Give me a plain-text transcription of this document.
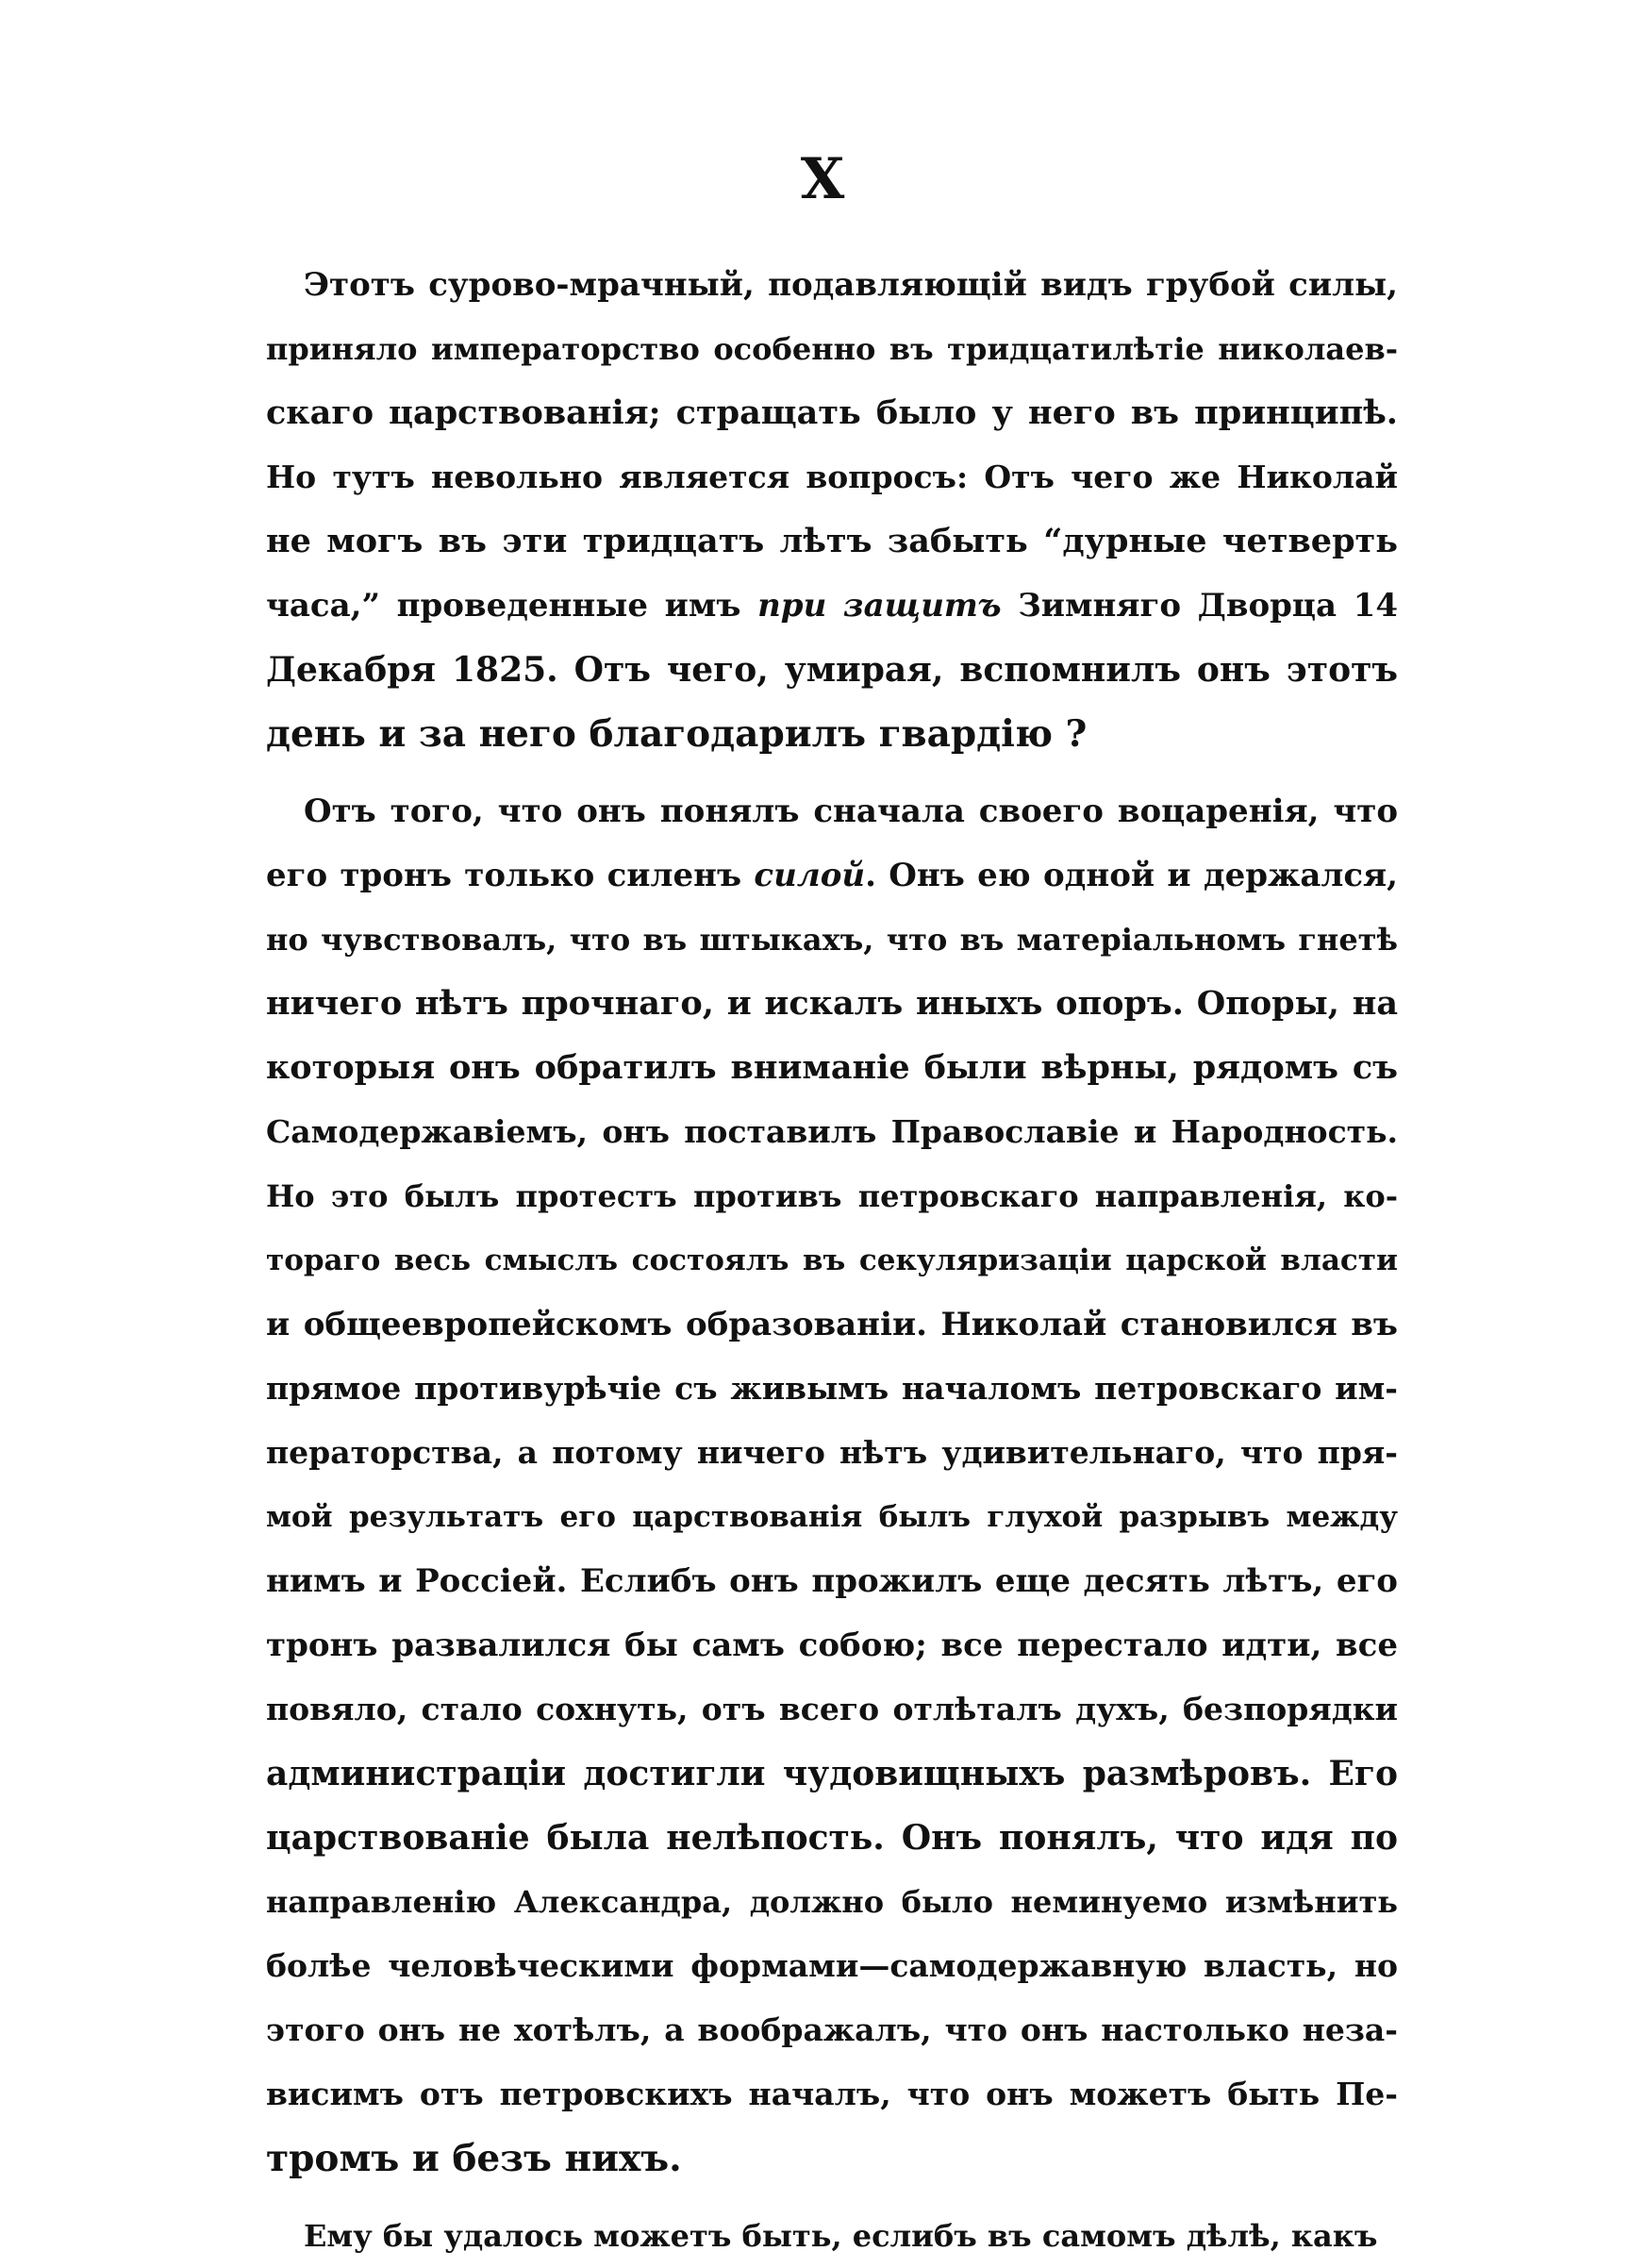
X
Этотъ сурово-мрачный, подавляющій видъ грубой силы,
приняло императорство особенно въ тридцатилѣтіе николаев-
скаго царствованія; стращать было у него въ принципѣ.
Но тутъ невольно является вопросъ: Отъ чего же Николай
не могъ въ эти тридцатъ лѣтъ забыть “дурные четверть
часа,” проведенные имъ при защитъ Зимняго Дворца 14
Декабря 1825. Отъ чего, умирая, вспомнилъ онъ этотъ
день и за него благодарилъ гвардію ?
Отъ того, что онъ понялъ сначала своего воцаренія, что
его тронъ только силенъ силой. Онъ ею одной и держался,
но чувствовалъ, что въ штыкахъ, что въ матеріальномъ гнетѣ
ничего нѣтъ прочнаго, и искалъ иныхъ опоръ. Опоры, на
которыя онъ обратилъ вниманіе были вѣрны, рядомъ съ
Самодержавіемъ, онъ поставилъ Православіе и Народность.
Но это былъ протестъ противъ петровскаго направленія, ко-
тораго весь смыслъ состоялъ въ секуляризаціи царской власти
и общеевропейскомъ образованіи. Николай становился въ
прямое противурѣчіе съ живымъ началомъ петровскаго им-
ператорства, а потому ничего нѣтъ удивительнаго, что пря-
мой результатъ его царствованія былъ глухой разрывъ между
нимъ и Россіей. Еслибъ онъ прожилъ еще десять лѣтъ, его
тронъ развалился бы самъ собою; все перестало идти, все
повяло, стало сохнуть, отъ всего отлѣталъ духъ, безпорядки
администраціи достигли чудовищныхъ размѣровъ. Его
царствованіе была нелѣпость. Онъ понялъ, что идя по
направленію Александра, должно было неминуемо измѣнить
болѣе человѣческими формами—самодержавную власть, но
этого онъ не хотѣлъ, а воображалъ, что онъ настолько неза-
висимъ отъ петровскихъ началъ, что онъ можетъ быть Пе-
тромъ и безъ нихъ.
Ему бы удалось можетъ быть, еслибъ въ самомъ дѣлѣ, какъ
